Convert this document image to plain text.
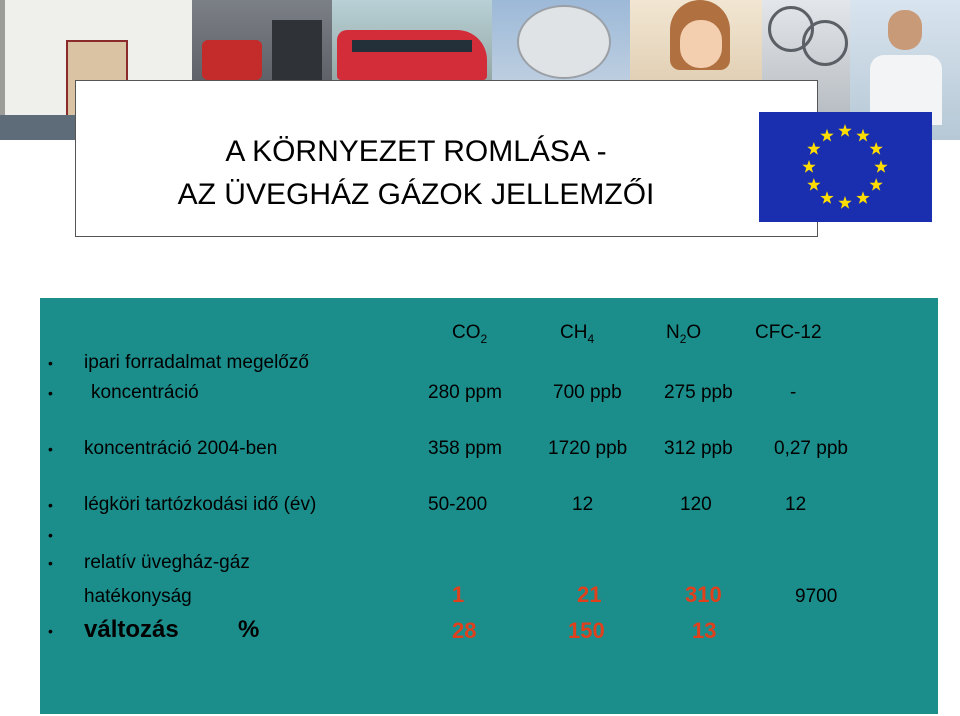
A KÖRNYEZET ROMLÁSA -
AZ ÜVEGHÁZ GÁZOK JELLEMZŐI
$CO_2$	$CH_4$	$N_2O$	CFC-12
• ipari forradalmat megelőző
• koncentráció	280 ppm	700 ppb 275 ppb	-
• koncentráció 2004-ben	358 ppm 1720 ppb 312 ppb 0,27 ppb
• légköri tartózkodási idő (év)	50-200	12	120	12
•
• relatív üvegház-gáz
hatékonyság	1	21	310	9700
• változás %	28	150	13
